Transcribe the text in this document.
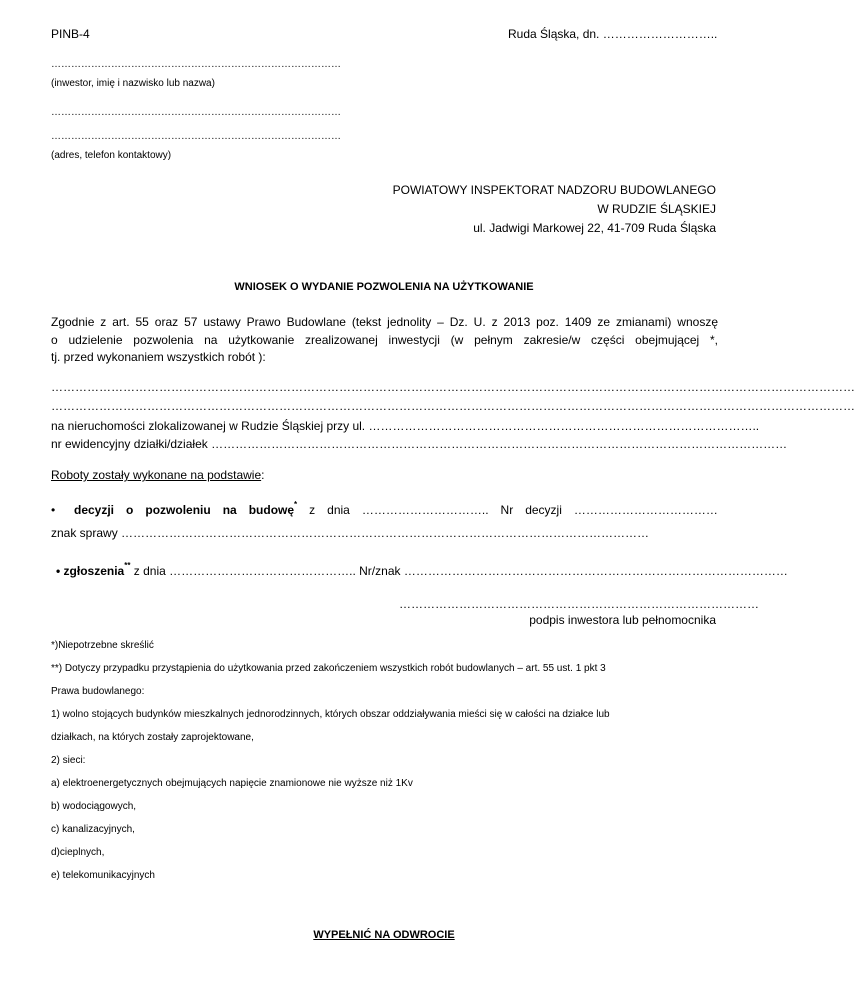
PINB-4	Ruda Śląska, dn. ………………………..
……………………………………………………………………………
(inwestor, imię i nazwisko lub nazwa)
……………………………………………………………………………
……………………………………………………………………………
(adres, telefon kontaktowy)
POWIATOWY INSPEKTORAT NADZORU BUDOWLANEGO
W RUDZIE ŚLĄSKIEJ
ul. Jadwigi Markowej 22, 41-709 Ruda Śląska
WNIOSEK O WYDANIE POZWOLENIA NA UŻYTKOWANIE
Zgodnie z art. 55 oraz 57 ustawy Prawo Budowlane (tekst jednolity – Dz. U. z 2013 poz. 1409 ze zmianami) wnoszę
o udzielenie pozwolenia na użytkowanie zrealizowanej inwestycji (w pełnym zakresie/w części obejmującej *,
tj. przed wykonaniem wszystkich robót ):
…………………………………………………………………………………………………………………………………………………………………………………
…………………………………………………………………………………………………………………………………………………………………………………
na nieruchomości zlokalizowanej w Rudzie Śląskiej przy ul. ……………………………………………………………………………………..
nr ewidencyjny działki/działek ………………………………………………………………………………………………………………………………
Roboty zostały wykonane na podstawie:
• decyzji o pozwoleniu na budowę* z dnia ………………………….. Nr decyzji ………………………………
znak sprawy ……………………………………………………………………………………………………………………
• zgłoszenia** z dnia ……………………………………….. Nr/znak ……………………………………………………………………………………
………………………………………………………………………………
podpis inwestora lub pełnomocnika
*)Niepotrzebne skreślić
**) Dotyczy przypadku przystąpienia do użytkowania przed zakończeniem wszystkich robót budowlanych – art. 55 ust. 1 pkt 3
Prawa budowlanego:
1) wolno stojących budynków mieszkalnych jednorodzinnych, których obszar oddziaływania mieści się w całości na działce lub
działkach, na których zostały zaprojektowane,
2) sieci:
a) elektroenergetycznych obejmujących napięcie znamionowe nie wyższe niż 1Kv
b) wodociągowych,
c) kanalizacyjnych,
d)cieplnych,
e) telekomunikacyjnych
WYPEŁNIĆ NA ODWROCIE
